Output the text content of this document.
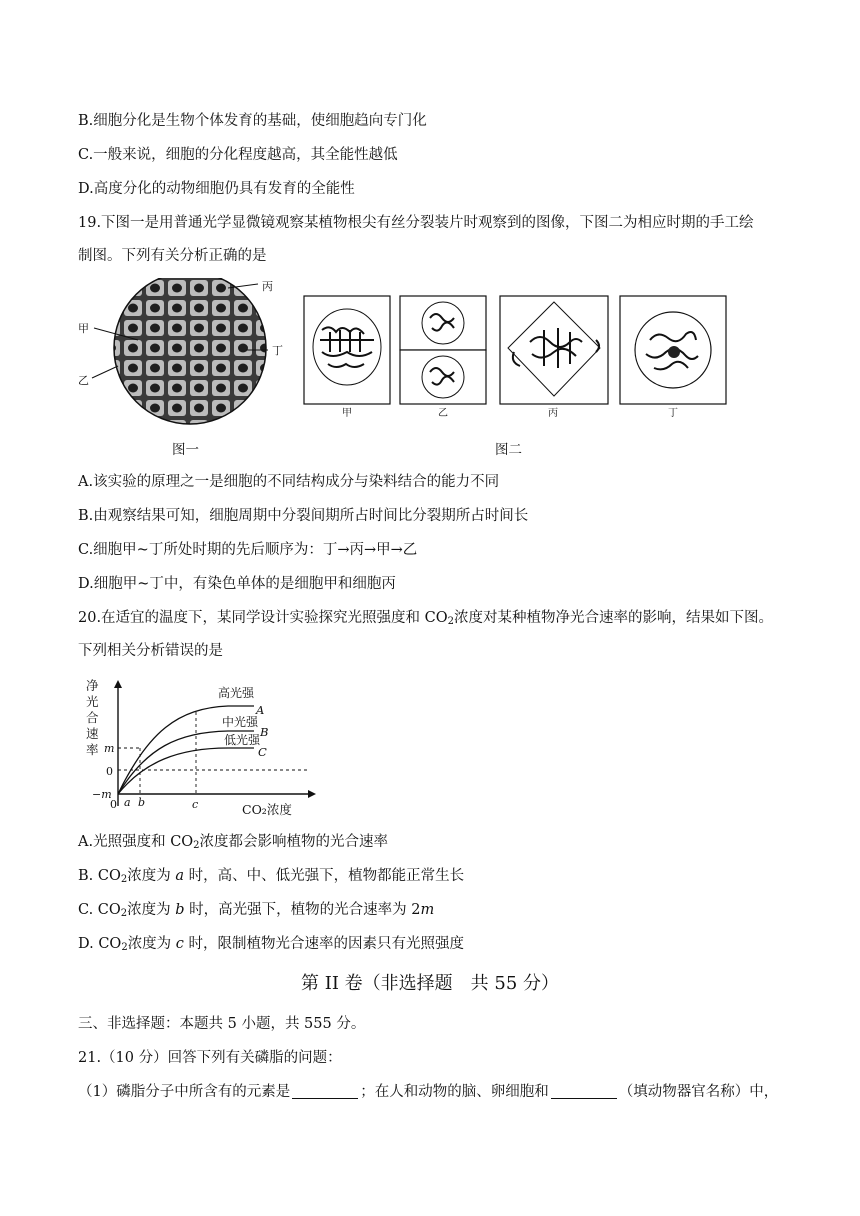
B.细胞分化是生物个体发育的基础，使细胞趋向专门化
C.一般来说，细胞的分化程度越高，其全能性越低
D.高度分化的动物细胞仍具有发育的全能性
19.下图一是用普通光学显微镜观察某植物根尖有丝分裂装片时观察到的图像，下图二为相应时期的手工绘
制图。下列有关分析正确的是
丙
甲
丁
乙
甲	乙	丙	丁
图一	图二
A.该实验的原理之一是细胞的不同结构成分与染料结合的能力不同
B.由观察结果可知，细胞周期中分裂间期所占时间比分裂期所占时间长
C.细胞甲~丁所处时期的先后顺序为：丁→丙→甲→乙
D.细胞甲~丁中，有染色单体的是细胞甲和细胞丙
20.在适宜的温度下，某同学设计实验探究光照强度和 $CO_2$浓度对某种植物净光合速率的影响，结果如下图。
下列相关分析错误的是
净
光
合
速
率 m
0
−m
0 a b	c	CO₂浓度
高光强
A
中光强
B
低光强
C
A.光照强度和 $CO_2$浓度都会影响植物的光合速率
B. $CO_2$浓度为 a 时，高、中、低光强下，植物都能正常生长
C. $CO_2$浓度为 b 时，高光强下，植物的光合速率为 2m
D. $CO_2$浓度为 c 时，限制植物光合速率的因素只有光照强度
第 II 卷（非选择题　共 55 分）
三、非选择题：本题共 5 小题，共 555 分。
21.（10 分）回答下列有关磷脂的问题：
（1）磷脂分子中所含有的元素是	；在人和动物的脑、卵细胞和	（填动物器官名称）中，
